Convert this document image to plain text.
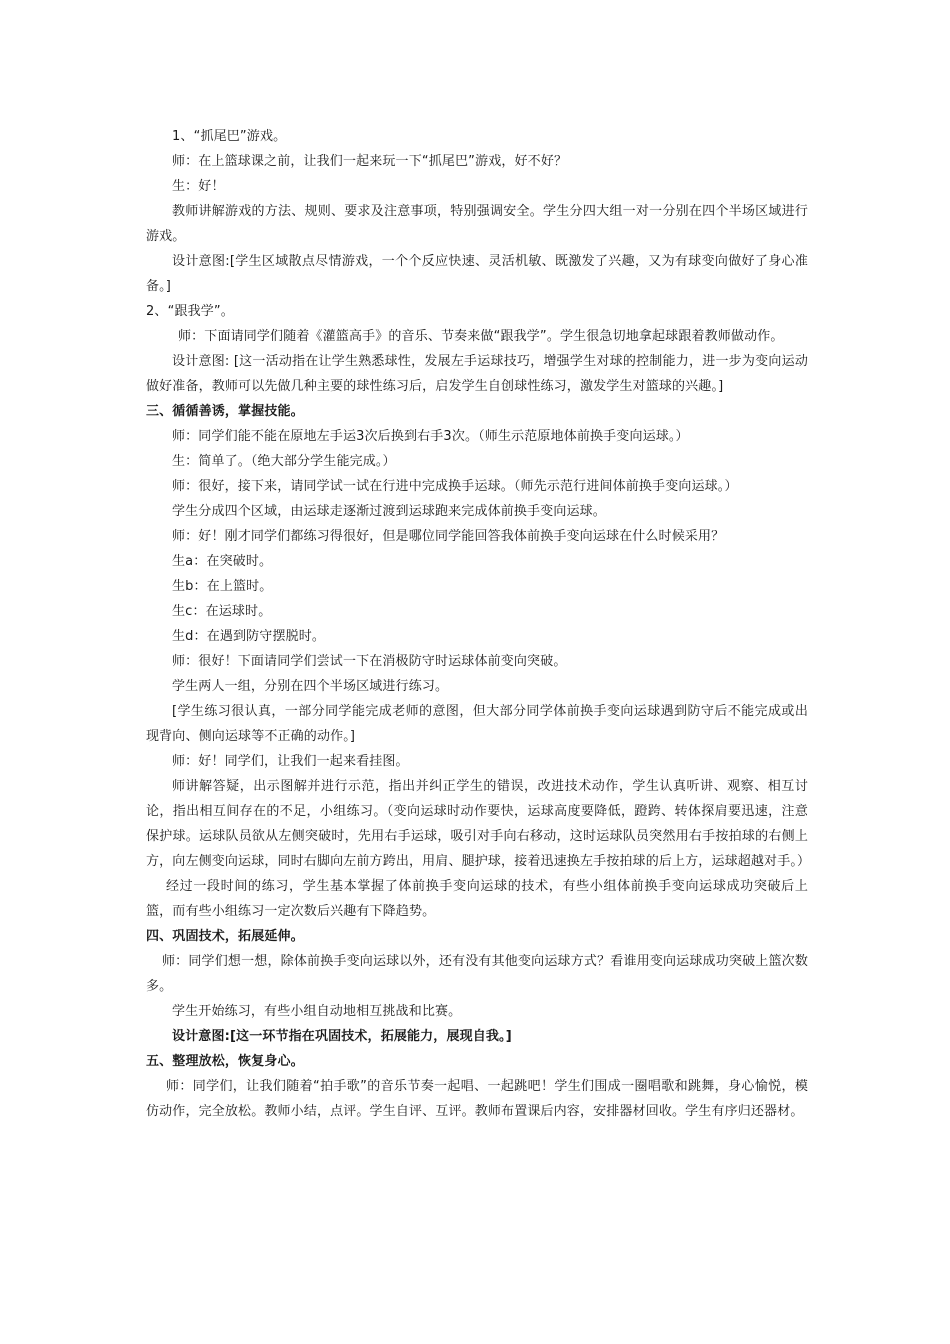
1、“抓尾巴”游戏。

师：在上篮球课之前，让我们一起来玩一下“抓尾巴”游戏，好不好？

生：好！

教师讲解游戏的方法、规则、要求及注意事项，特别强调安全。学生分四大组一对一分别在四个半场区域进行游戏。

设计意图:[学生区域散点尽情游戏，一个个反应快速、灵活机敏、既激发了兴趣，又为有球变向做好了身心准备。]

2、“跟我学”。

师：下面请同学们随着《灌篮高手》的音乐、节奏来做“跟我学”。学生很急切地拿起球跟着教师做动作。

设计意图: [这一活动指在让学生熟悉球性，发展左手运球技巧，增强学生对球的控制能力，进一步为变向运动做好准备，教师可以先做几种主要的球性练习后，启发学生自创球性练习，激发学生对篮球的兴趣。]

三、循循善诱，掌握技能。

师：同学们能不能在原地左手运3次后换到右手3次。（师生示范原地体前换手变向运球。）

生：简单了。（绝大部分学生能完成。）

师：很好，接下来，请同学试一试在行进中完成换手运球。（师先示范行进间体前换手变向运球。）

学生分成四个区域，由运球走逐渐过渡到运球跑来完成体前换手变向运球。

师：好！刚才同学们都练习得很好，但是哪位同学能回答我体前换手变向运球在什么时候采用？

生a：在突破时。

生b：在上篮时。

生c：在运球时。

生d：在遇到防守摆脱时。

师：很好！下面请同学们尝试一下在消极防守时运球体前变向突破。

学生两人一组，分别在四个半场区域进行练习。

[学生练习很认真，一部分同学能完成老师的意图，但大部分同学体前换手变向运球遇到防守后不能完成或出现背向、侧向运球等不正确的动作。]

师：好！同学们，让我们一起来看挂图。

师讲解答疑，出示图解并进行示范，指出并纠正学生的错误，改进技术动作，学生认真听讲、观察、相互讨论，指出相互间存在的不足，小组练习。（变向运球时动作要快，运球高度要降低，蹬跨、转体探肩要迅速，注意保护球。运球队员欲从左侧突破时，先用右手运球，吸引对手向右移动，这时运球队员突然用右手按拍球的右侧上方，向左侧变向运球，同时右脚向左前方跨出，用肩、腿护球，接着迅速换左手按拍球的后上方，运球超越对手。）

经过一段时间的练习，学生基本掌握了体前换手变向运球的技术，有些小组体前换手变向运球成功突破后上篮，而有些小组练习一定次数后兴趣有下降趋势。

四、巩固技术，拓展延伸。

师：同学们想一想，除体前换手变向运球以外，还有没有其他变向运球方式？看谁用变向运球成功突破上篮次数多。

学生开始练习，有些小组自动地相互挑战和比赛。

设计意图:[这一环节指在巩固技术，拓展能力，展现自我。]

五、整理放松，恢复身心。

师：同学们，让我们随着“拍手歌”的音乐节奏一起唱、一起跳吧！学生们围成一圈唱歌和跳舞，身心愉悦，模仿动作，完全放松。教师小结，点评。学生自评、互评。教师布置课后内容，安排器材回收。学生有序归还器材。
